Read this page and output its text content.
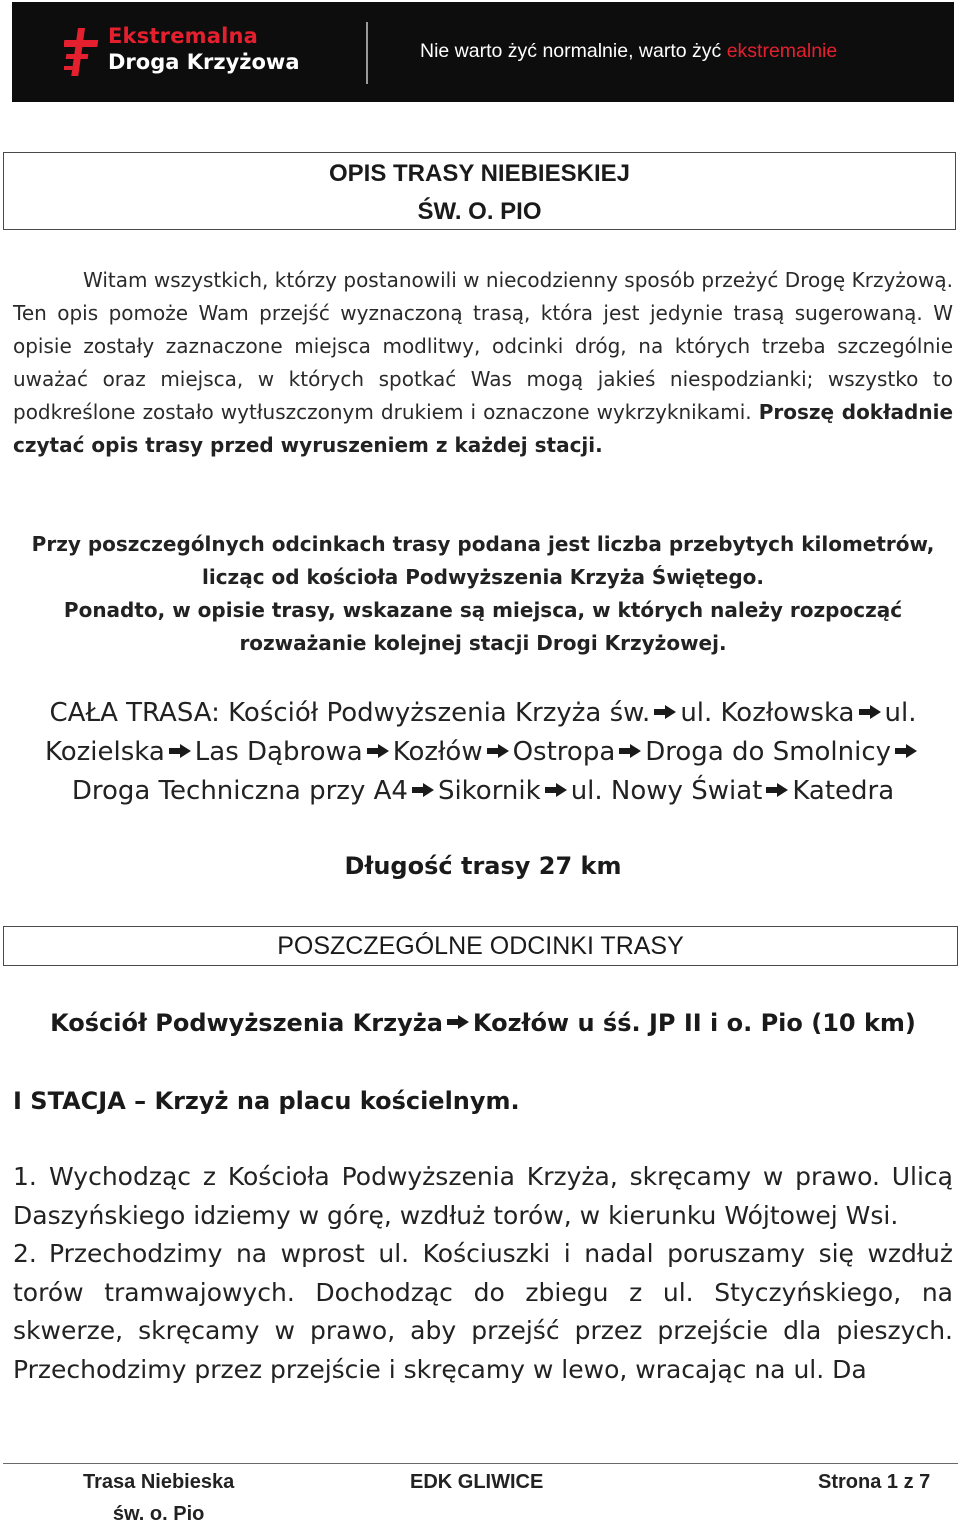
Ekstremalna
Droga Krzyżowa	Nie warto żyć normalnie, warto żyć ekstremalnie
OPIS TRASY NIEBIESKIEJ
ŚW. O. PIO
Witam wszystkich, którzy postanowili w niecodzienny sposób przeżyć Drogę Krzyżową. Ten opis pomoże Wam przejść wyznaczoną trasą, która jest jedynie trasą sugerowaną. W opisie zostały zaznaczone miejsca modlitwy, odcinki dróg, na których trzeba szczególnie uważać oraz miejsca, w których spotkać Was mogą jakieś niespodzianki; wszystko to podkreślone zostało wytłuszczonym drukiem i oznaczone wykrzyknikami. Proszę dokładnie czytać opis trasy przed wyruszeniem z każdej stacji.

Przy poszczególnych odcinkach trasy podana jest liczba przebytych kilometrów, licząc od kościoła Podwyższenia Krzyża Świętego.

Ponadto, w opisie trasy, wskazane są miejsca, w których należy rozpocząć rozważanie kolejnej stacji Drogi Krzyżowej.

CAŁA TRASA: Kościół Podwyższenia Krzyża św. ul. Kozłowska ul. Kozielska Las Dąbrowa Kozłów Ostropa Droga do SmolnicyDroga Techniczna przy A4 Sikornik ul. Nowy Świat Katedra
Długość trasy 27 km
POSZCZEGÓLNE ODCINKI TRASY
Kościół Podwyższenia Krzyża Kozłów u śś. JP II i o. Pio (10 km)
I STACJA – Krzyż na placu kościelnym.
1. Wychodząc z Kościoła Podwyższenia Krzyża, skręcamy w prawo. Ulicą Daszyńskiego idziemy w górę, wzdłuż torów, w kierunku Wójtowej Wsi.
2. Przechodzimy na wprost ul. Kościuszki i nadal poruszamy się wzdłuż torów tramwajowych. Dochodząc do zbiegu z ul. Styczyńskiego, na skwerze, skręcamy w prawo, aby przejść przez przejście dla pieszych. Przechodzimy przez przejście i skręcamy w lewo, wracając na ul. Da
Trasa Niebieska
św. o. Pio
EDK GLIWICE	Strona 1 z 7
